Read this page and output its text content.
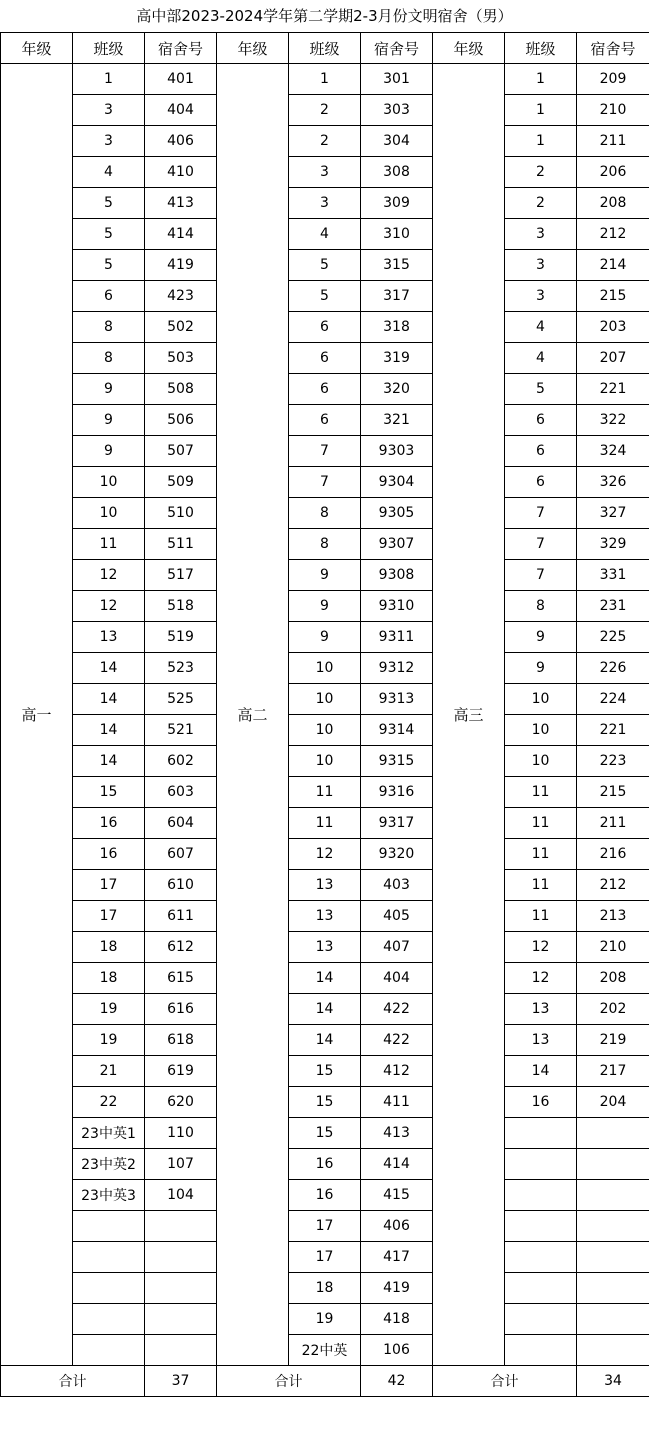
高中部2023-2024学年第二学期2-3月份文明宿舍（男）
年级	班级	宿舍号	年级	班级	宿舍号	年级	班级	宿舍号
高一	1	401	高二	1	301	高三	1	209
	3	404		2	303		1	210
	3	406		2	304		1	211
	4	410		3	308		2	206
	5	413		3	309		2	208
	5	414		4	310		3	212
	5	419		5	315		3	214
	6	423		5	317		3	215
	8	502		6	318		4	203
	8	503		6	319		4	207
	9	508		6	320		5	221
	9	506		6	321		6	322
	9	507		7	9303		6	324
	10	509		7	9304		6	326
	10	510		8	9305		7	327
	11	511		8	9307		7	329
	12	517		9	9308		7	331
	12	518		9	9310		8	231
	13	519		9	9311		9	225
	14	523		10	9312		9	226
	14	525		10	9313		10	224
	14	521		10	9314		10	221
	14	602		10	9315		10	223
	15	603		11	9316		11	215
	16	604		11	9317		11	211
	16	607		12	9320		11	216
	17	610		13	403		11	212
	17	611		13	405		11	213
	18	612		13	407		12	210
	18	615		14	404		12	208
	19	616		14	422		13	202
	19	618		14	422		13	219
	21	619		15	412		14	217
	22	620		15	411		16	204
	23中英1	110		15	413			
	23中英2	107		16	414			
	23中英3	104		16	415			
				17	406			
				17	417			
				18	419			
				19	418			
				22中英	106			
合计		37	合计		42	合计		34
